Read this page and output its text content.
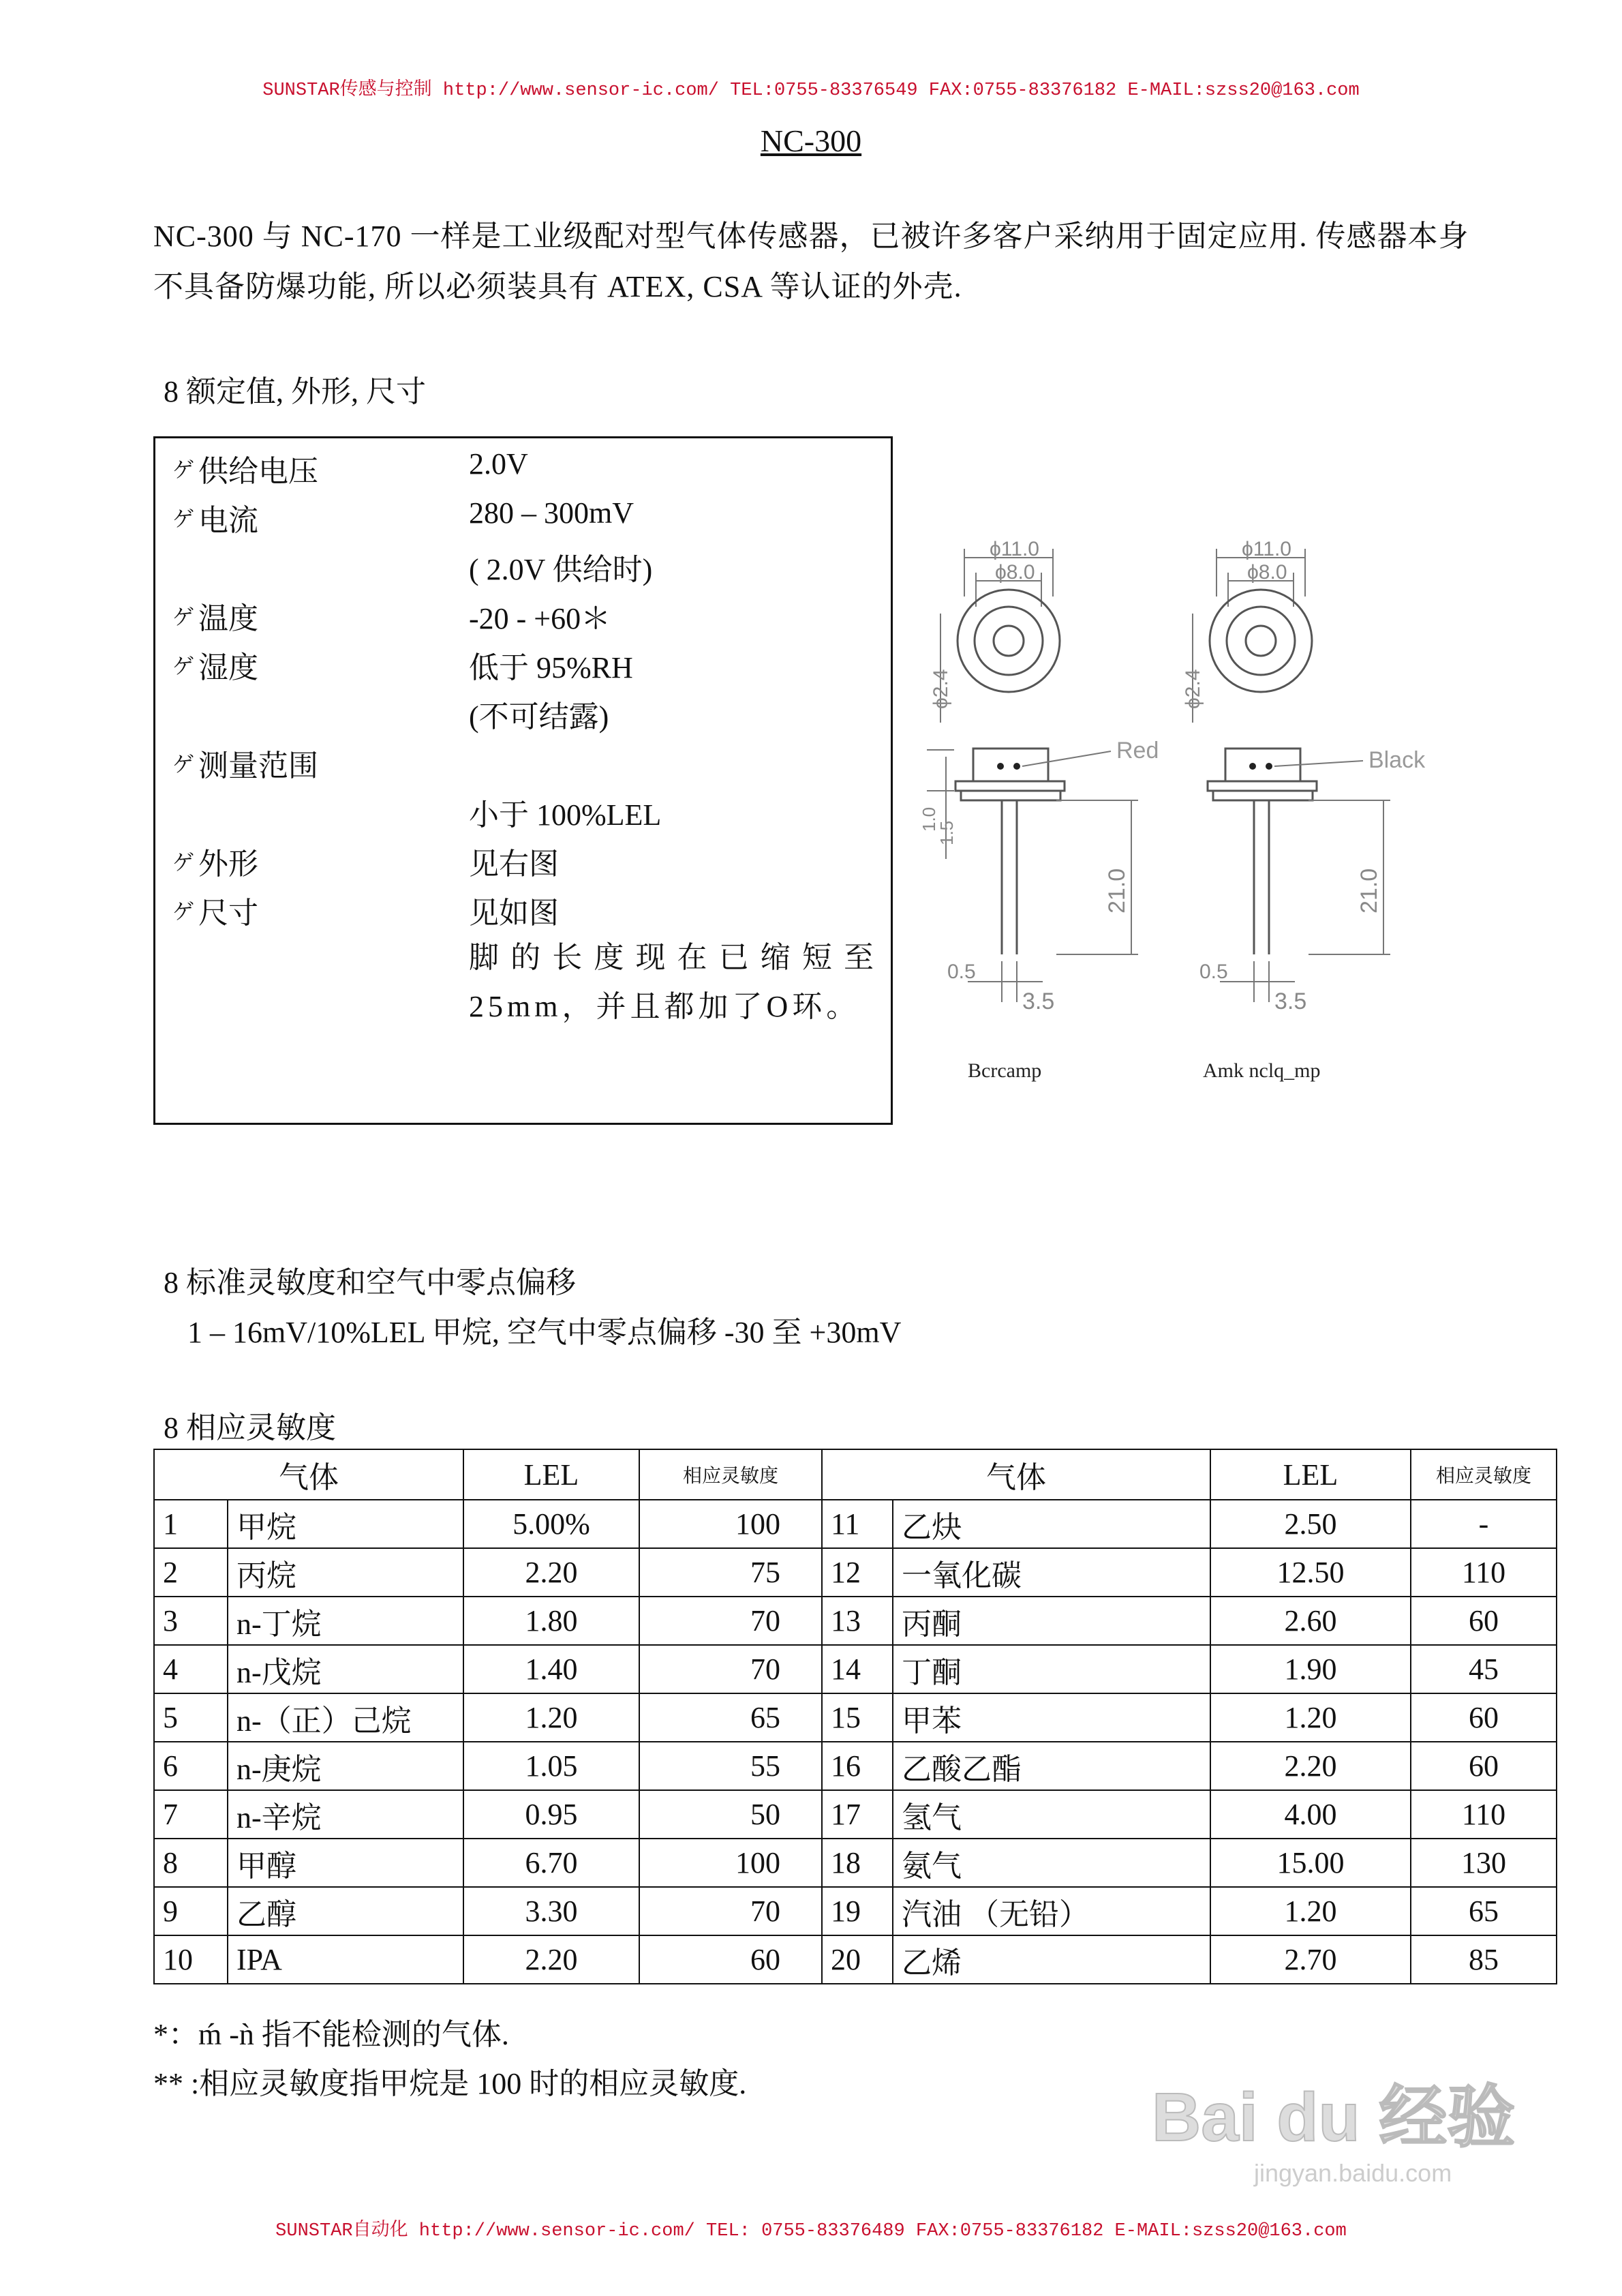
SUNSTAR传感与控制 http://www.sensor-ic.com/ TEL:0755-83376549 FAX:0755-83376182 E-MAIL:szss20@163.com
NC-300
NC-300 与 NC-170 一样是工业级配对型气体传感器，已被许多客户采纳用于固定应用. 传感器本身不具备防爆功能, 所以必须装具有 ATEX, CSA 等认证的外壳.
8 额定值, 外形, 尺寸
ゲ 供给电压	2.0V
ゲ 电流	280 – 300mV
( 2.0V 供给时)
ゲ 温度	-20 - +60＊
ゲ 湿度	低于 95%RH
(不可结露)
ゲ 测量范围
小于 100%LEL
ゲ 外形	见右图
ゲ 尺寸	见如图
脚的长度现在已缩短至25mm，并且都加了O环。
ϕ11.0
ϕ8.0
ϕ2.4
Red
1.0
1.5
21.0
0.5
3.5
Bcrcamp
ϕ11.0
ϕ8.0
ϕ2.4
Black
21.0
0.5
3.5
Amk nclq_mp
8 标准灵敏度和空气中零点偏移
1 – 16mV/10%LEL 甲烷, 空气中零点偏移 -30 至 +30mV
8 相应灵敏度
气体		LEL	相应灵敏度	气体		LEL	相应灵敏度
1	甲烷	5.00%	100	11	乙炔	2.50	-
2	丙烷	2.20	75	12	一氧化碳	12.50	110
3	n-丁烷	1.80	70	13	丙酮	2.60	60
4	n-戊烷	1.40	70	14	丁酮	1.90	45
5	n-（正）己烷	1.20	65	15	甲苯	1.20	60
6	n-庚烷	1.05	55	16	乙酸乙酯	2.20	60
7	n-辛烷	0.95	50	17	氢气	4.00	110
8	甲醇	6.70	100	18	氨气	15.00	130
9	乙醇	3.30	70	19	汽油 （无铅）	1.20	65
10	IPA	2.20	60	20	乙烯	2.70	85
*：ḿ -ǹ 指不能检测的气体.
** :相应灵敏度指甲烷是 100 时的相应灵敏度.	Bai du 经验
jingyan.baidu.com
SUNSTAR自动化 http://www.sensor-ic.com/ TEL: 0755-83376489 FAX:0755-83376182 E-MAIL:szss20@163.com
